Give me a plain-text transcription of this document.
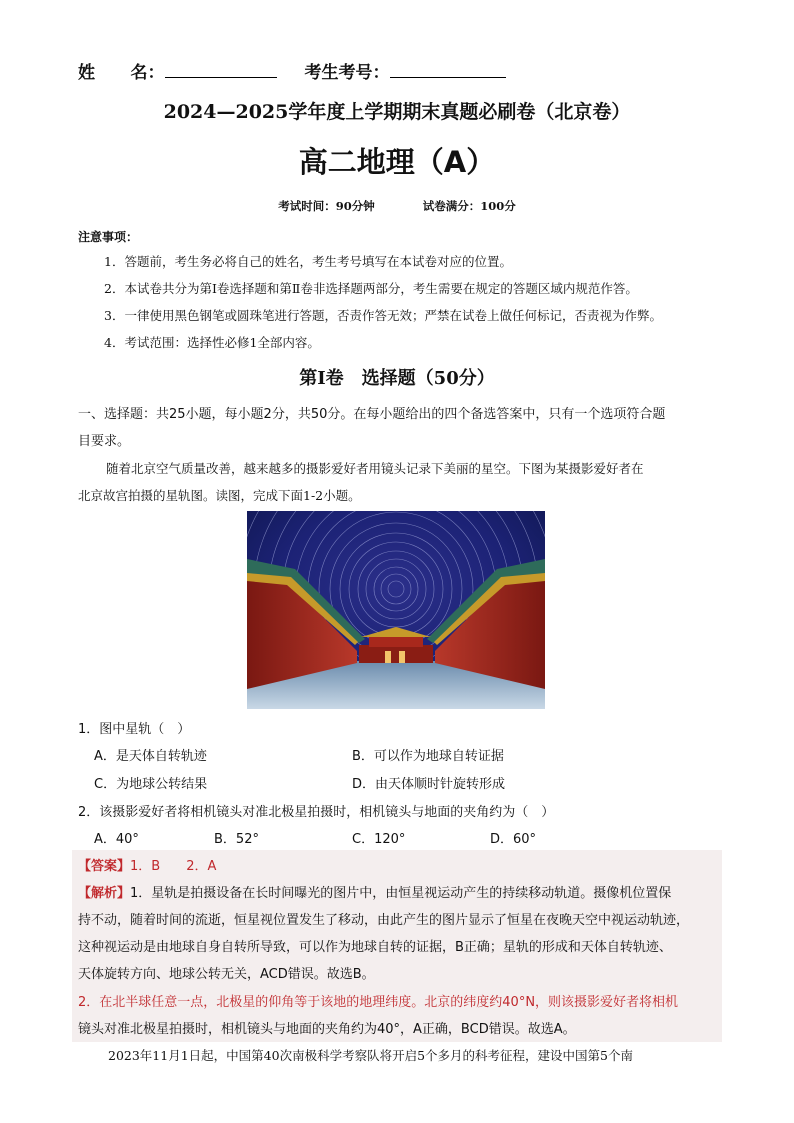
姓      名：	考生考号：
2024—2025学年度上学期期末真题必刷卷（北京卷）
高二地理（A）
考试时间：90分钟	试卷满分：100分
注意事项：
1．答题前，考生务必将自己的姓名，考生考号填写在本试卷对应的位置。
2．本试卷共分为第Ⅰ卷选择题和第Ⅱ卷非选择题两部分，考生需要在规定的答题区域内规范作答。
3．一律使用黑色钢笔或圆珠笔进行答题，否责作答无效；严禁在试卷上做任何标记，否责视为作弊。
4．考试范围：选择性必修1全部内容。
第Ⅰ卷　选择题（50分）
一、选择题：共25小题，每小题2分，共50分。在每小题给出的四个备选答案中，只有一个选项符合题
目要求。
随着北京空气质量改善，越来越多的摄影爱好者用镜头记录下美丽的星空。下图为某摄影爱好者在
北京故宫拍摄的星轨图。读图，完成下面1-2小题。
1．图中星轨（　）
A．是天体自转轨迹	B．可以作为地球自转证据
C．为地球公转结果	D．由天体顺时针旋转形成
2．该摄影爱好者将相机镜头对准北极星拍摄时，相机镜头与地面的夹角约为（　）
A．40°	B．52°	C．120°	D．60°
【答案】1．B　　2．A
【解析】1．星轨是拍摄设备在长时间曝光的图片中，由恒星视运动产生的持续移动轨道。摄像机位置保
持不动，随着时间的流逝，恒星视位置发生了移动，由此产生的图片显示了恒星在夜晚天空中视运动轨迹，
这种视运动是由地球自身自转所导致，可以作为地球自转的证据，B正确；星轨的形成和天体自转轨迹、
天体旋转方向、地球公转无关，ACD错误。故选B。
2．在北半球任意一点，北极星的仰角等于该地的地理纬度。北京的纬度约40°N，则该摄影爱好者将相机
镜头对准北极星拍摄时，相机镜头与地面的夹角约为40°，A正确，BCD错误。故选A。
2023年11月1日起，中国第40次南极科学考察队将开启5个多月的科考征程，建设中国第5个南
